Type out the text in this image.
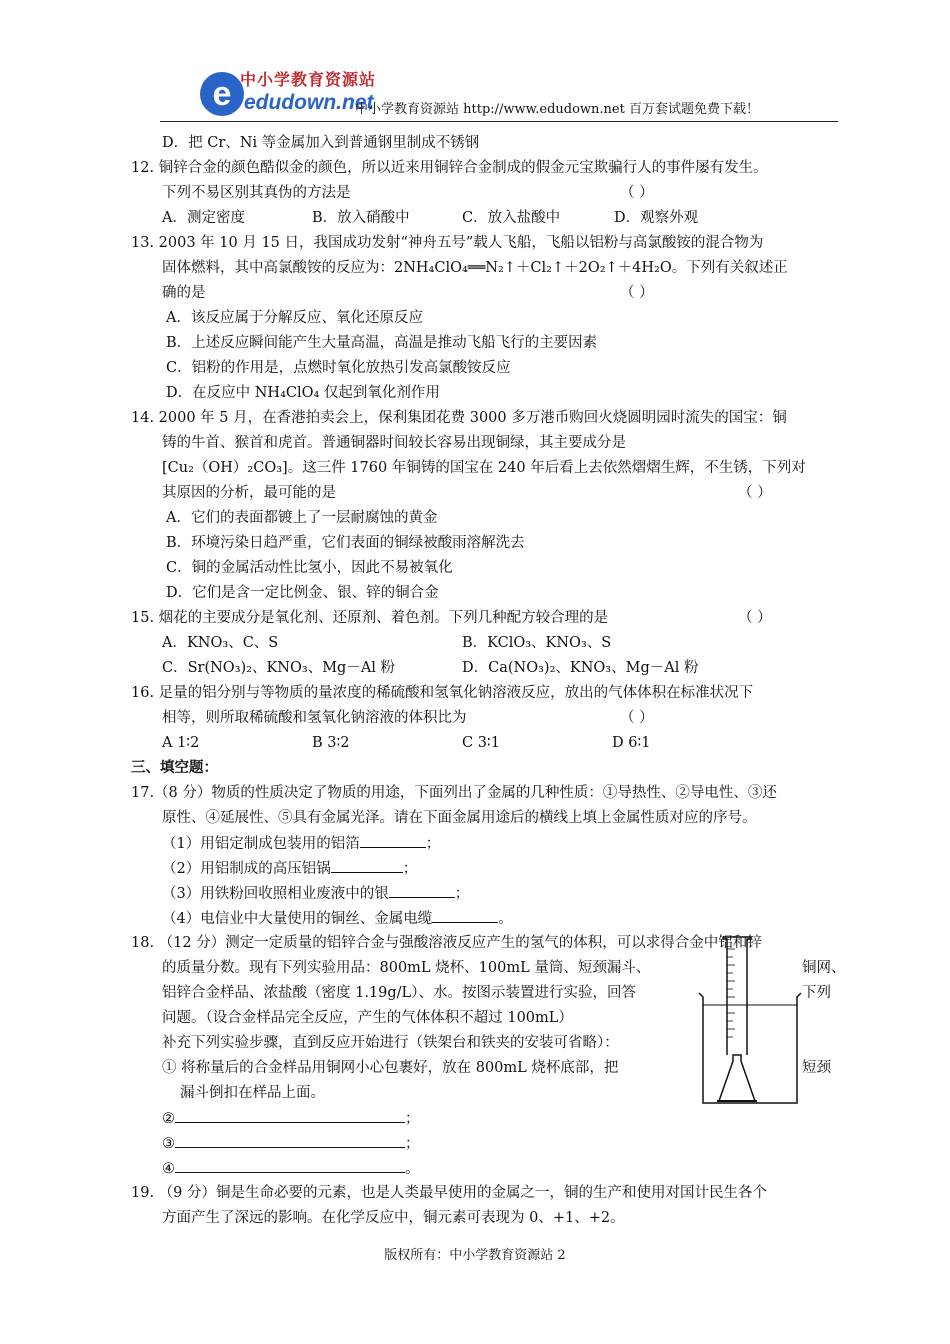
e 中小学教育资源站
edudown.net
中小学教育资源站 http://www.edudown.net 百万套试题免费下载！
D．把 Cr、Ni 等金属加入到普通钢里制成不锈钢
12. 铜锌合金的颜色酷似金的颜色，所以近来用铜锌合金制成的假金元宝欺骗行人的事件屡有发生。
下列不易区别其真伪的方法是	（ ）
A．测定密度	B．放入硝酸中	C．放入盐酸中	D．观察外观
13. 2003 年 10 月 15 日，我国成功发射“神舟五号”载人飞船，飞船以铝粉与高氯酸铵的混合物为
固体燃料，其中高氯酸铵的反应为：2NH₄ClO₄══N₂↑＋Cl₂↑＋2O₂↑＋4H₂O。下列有关叙述正
确的是	（ ）
A．该反应属于分解反应、氧化还原反应
B．上述反应瞬间能产生大量高温，高温是推动飞船飞行的主要因素
C．铝粉的作用是，点燃时氧化放热引发高氯酸铵反应
D．在反应中 NH₄ClO₄ 仅起到氧化剂作用
14. 2000 年 5 月，在香港拍卖会上，保利集团花费 3000 多万港币购回火烧圆明园时流失的国宝：铜
铸的牛首、猴首和虎首。普通铜器时间较长容易出现铜绿，其主要成分是
[Cu₂（OH）₂CO₃]。这三件 1760 年铜铸的国宝在 240 年后看上去依然熠熠生辉，不生锈，下列对
其原因的分析，最可能的是	（ ）
A．它们的表面都镀上了一层耐腐蚀的黄金
B．环境污染日趋严重，它们表面的铜绿被酸雨溶解洗去
C．铜的金属活动性比氢小，因此不易被氧化
D．它们是含一定比例金、银、锌的铜合金
15. 烟花的主要成分是氧化剂、还原剂、着色剂。下列几种配方较合理的是	（ ）
A．KNO₃、C、S	B．KClO₃、KNO₃、S
C．Sr(NO₃)₂、KNO₃、Mg－Al 粉	D．Ca(NO₃)₂、KNO₃、Mg－Al 粉
16. 足量的铝分别与等物质的量浓度的稀硫酸和氢氧化钠溶液反应，放出的气体体积在标准状况下
相等，则所取稀硫酸和氢氧化钠溶液的体积比为	（ ）
A 1∶2	B 3∶2	C 3∶1	D 6∶1
三、填空题：
17.（8 分）物质的性质决定了物质的用途，下面列出了金属的几种性质：①导热性、②导电性、③还
原性、④延展性、⑤具有金属光泽。请在下面金属用途后的横线上填上金属性质对应的序号。
（1）用铝定制成包装用的铝箔	；
（2）用铝制成的高压铝锅	；
（3）用铁粉回收照相业废液中的银	；
（4）电信业中大量使用的铜丝、金属电缆	。
18. （12 分）测定一定质量的铝锌合金与强酸溶液反应产生的氢气的体积，可以求得合金中铝和锌
的质量分数。现有下列实验用品：800mL 烧杯、100mL 量筒、短颈漏斗、	铜网、
铝锌合金样品、浓盐酸（密度 1.19g/L）、水。按图示装置进行实验，回答	下列
问题。（设合金样品完全反应，产生的气体体积不超过 100mL）
补充下列实验步骤，直到反应开始进行（铁架台和铁夹的安装可省略）：
① 将称量后的合金样品用铜网小心包裹好，放在 800mL 烧杯底部，把	短颈
漏斗倒扣在样品上面。
②	；
③	；
④	。
19. （9 分）铜是生命必要的元素，也是人类最早使用的金属之一，铜的生产和使用对国计民生各个
方面产生了深远的影响。在化学反应中，铜元素可表现为 0、+1、+2。
版权所有：中小学教育资源站 2
